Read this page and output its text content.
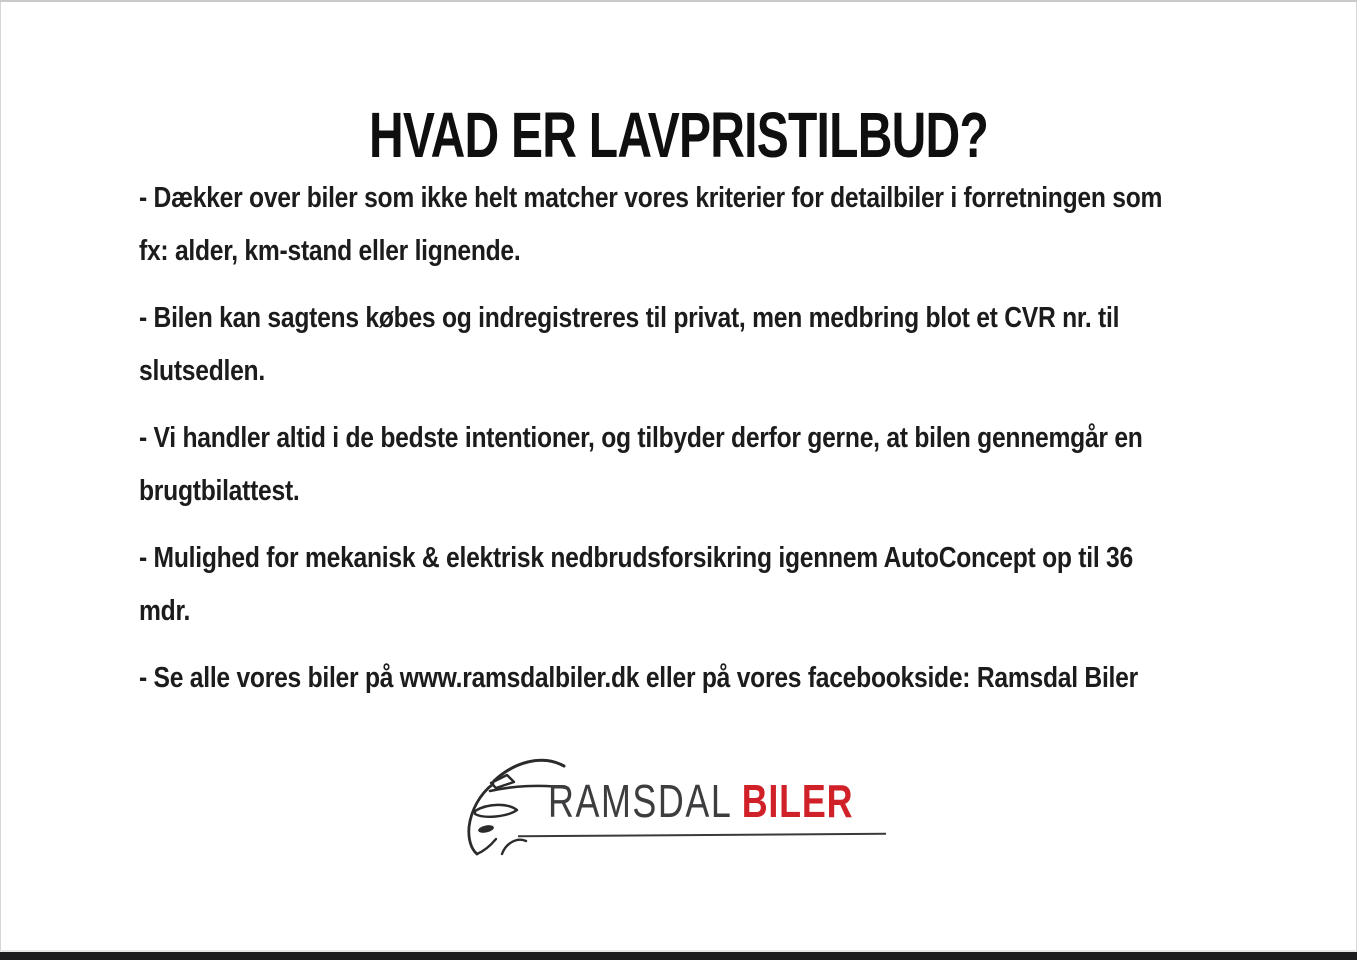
HVAD ER LAVPRISTILBUD?

- Dækker over biler som ikke helt matcher vores kriterier for detailbiler i forretningen som
fx: alder, km-stand eller lignende.

- Bilen kan sagtens købes og indregistreres til privat, men medbring blot et CVR nr. til
slutsedlen.

- Vi handler altid i de bedste intentioner, og tilbyder derfor gerne, at bilen gennemgår en
brugtbilattest.

- Mulighed for mekanisk & elektrisk nedbrudsforsikring igennem AutoConcept op til 36
mdr.

- Se alle vores biler på www.ramsdalbiler.dk eller på vores facebookside: Ramsdal Biler

RAMSDAL BILER
